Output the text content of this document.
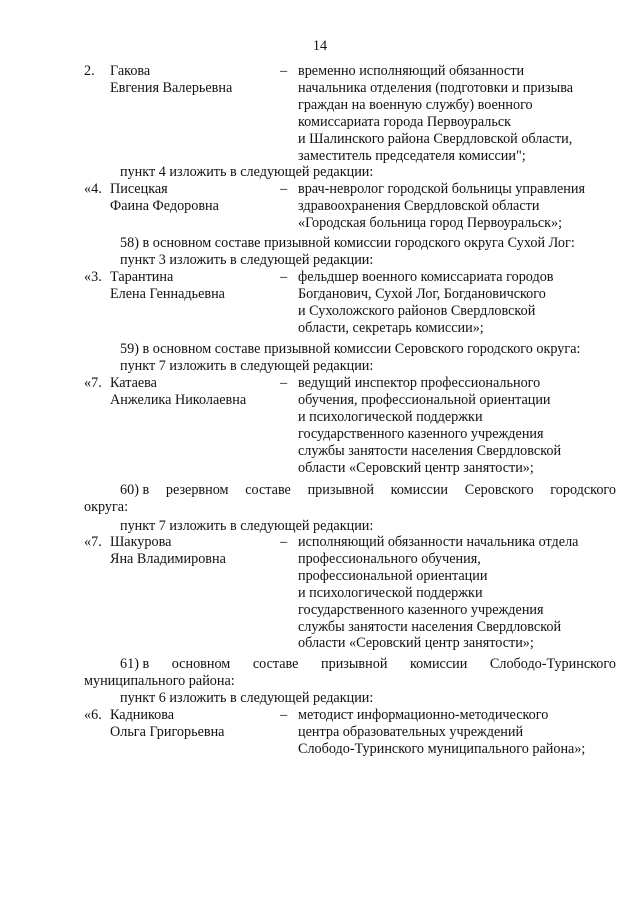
14
2.	Гакова
Евгения Валерьевна
– временно исполняющий обязанности
начальника отделения (подготовки и призыва
граждан на военную службу) военного
комиссариата города Первоуральск
и Шалинского района Свердловской области,
заместитель председателя комиссии";
пункт 4 изложить в следующей редакции:
«4. Писецкая
Фаина Федоровна
– врач-невролог городской больницы управления
здравоохранения Свердловской области
«Городская больница город Первоуральск»;
58) в основном составе призывной комиссии городского округа Сухой Лог:
пункт 3 изложить в следующей редакции:
«3. Тарантина
Елена Геннадьевна
– фельдшер военного комиссариата городов
Богданович, Сухой Лог, Богдановичского
и Сухоложского районов Свердловской
области, секретарь комиссии»;
59) в основном составе призывной комиссии Серовского городского округа:
пункт 7 изложить в следующей редакции:
«7. Катаева
Анжелика Николаевна
– ведущий инспектор профессионального
обучения, профессиональной ориентации
и психологической поддержки
государственного казенного учреждения
службы занятости населения Свердловской
области «Серовский центр занятости»;
60) в резервном составе призывной комиссии Серовского городского
округа:
пункт 7 изложить в следующей редакции:
«7. Шакурова
Яна Владимировна
– исполняющий обязанности начальника отдела
профессионального обучения,
профессиональной ориентации
и психологической поддержки
государственного казенного учреждения
службы занятости населения Свердловской
области «Серовский центр занятости»;
61) в основном составе призывной комиссии Слободо-Туринского
муниципального района:
пункт 6 изложить в следующей редакции:
«6. Кадникова
Ольга Григорьевна
– методист информационно-методического
центра образовательных учреждений
Слободо-Туринского муниципального района»;
